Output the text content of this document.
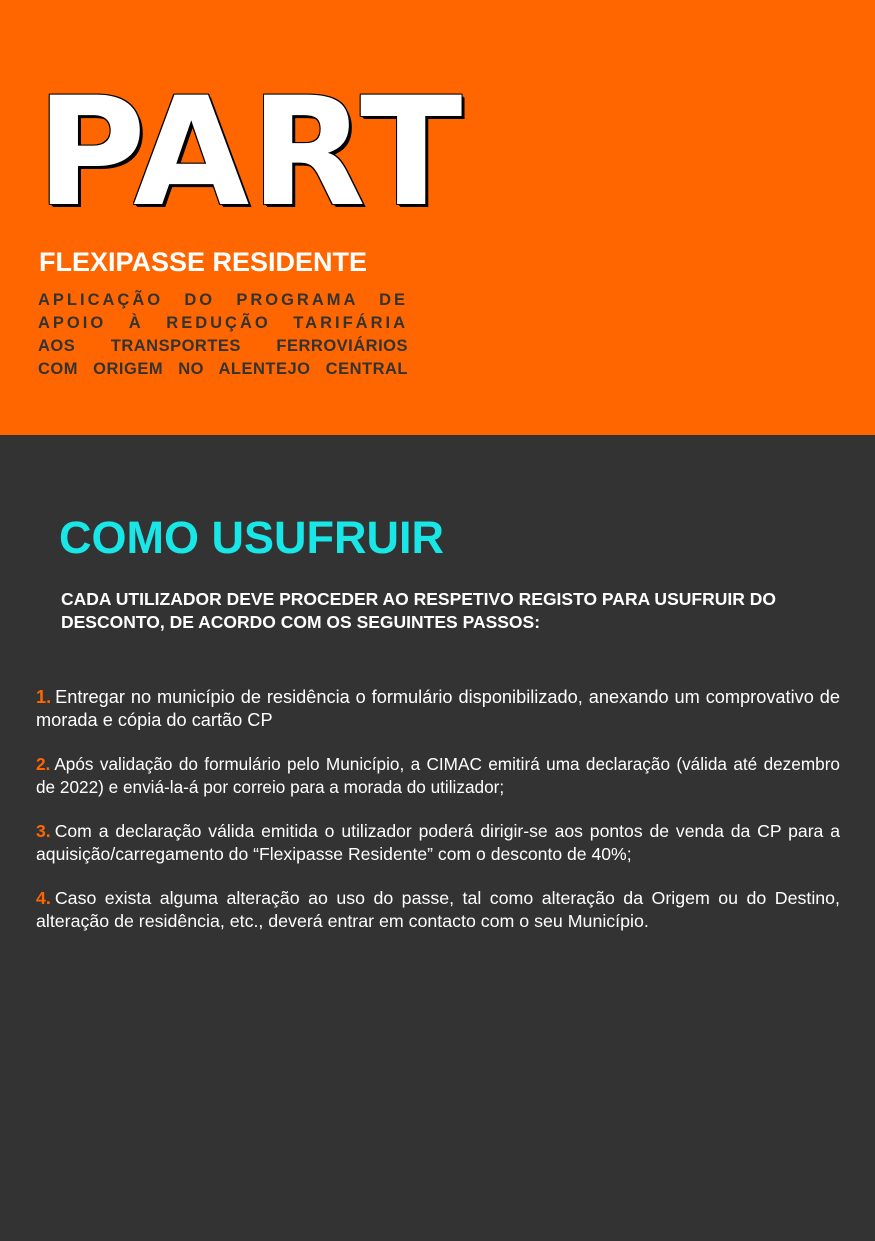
PART
FLEXIPASSE RESIDENTE
APLICAÇÃO DO PROGRAMA DE
APOIO À REDUÇÃO TARIFÁRIA
AOS TRANSPORTES FERROVIÁRIOS
COM ORIGEM NO ALENTEJO CENTRAL
COMO USUFRUIR

CADA UTILIZADOR DEVE PROCEDER AO RESPETIVO REGISTO PARA USUFRUIR DO DESCONTO, DE ACORDO COM OS SEGUINTES PASSOS:

1. Entregar no município de residência o formulário disponibilizado, anexando um comprovativo de morada e cópia do cartão CP

2. Após validação do formulário pelo Município, a CIMAC emitirá uma declaração (válida até dezembro de 2022) e enviá-la-á por correio para a morada do utilizador;

3. Com a declaração válida emitida o utilizador poderá dirigir-se aos pontos de venda da CP para a aquisição/carregamento do “Flexipasse Residente” com o desconto de 40%;

4. Caso exista alguma alteração ao uso do passe, tal como alteração da Origem ou do Destino, alteração de residência, etc., deverá entrar em contacto com o seu Município.
